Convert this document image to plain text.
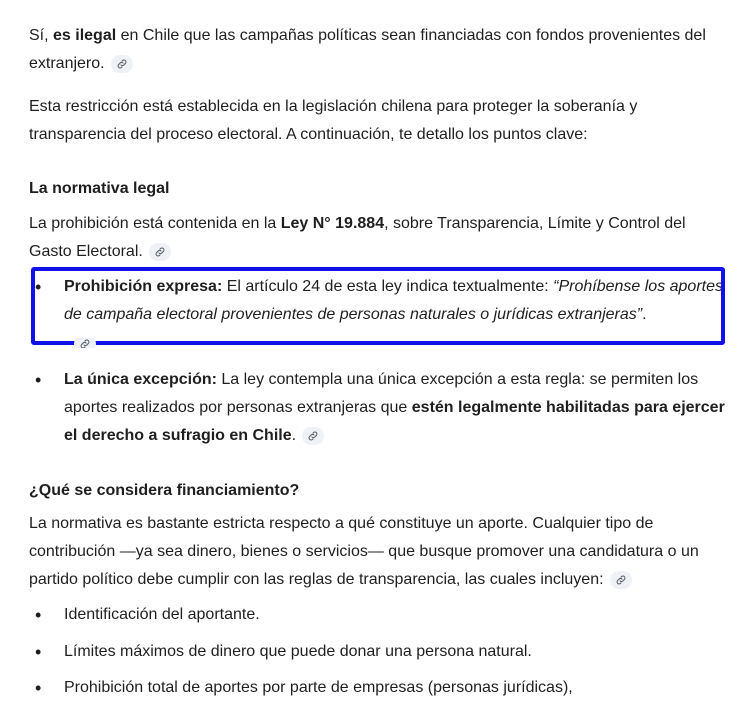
Sí, es ilegal en Chile que las campañas políticas sean financiadas con fondos provenientes del extranjero.

Esta restricción está establecida en la legislación chilena para proteger la soberanía y transparencia del proceso electoral. A continuación, te detallo los puntos clave:

La normativa legal

La prohibición está contenida en la Ley N° 19.884, sobre Transparencia, Límite y Control del Gasto Electoral.

• Prohibición expresa: El artículo 24 de esta ley indica textualmente: “Prohíbense los aportes de campaña electoral provenientes de personas naturales o jurídicas extranjeras”.
• La única excepción: La ley contempla una única excepción a esta regla: se permiten los aportes realizados por personas extranjeras que estén legalmente habilitadas para ejercer el derecho a sufragio en Chile.
¿Qué se considera financiamiento?

La normativa es bastante estricta respecto a qué constituye un aporte. Cualquier tipo de contribución —ya sea dinero, bienes o servicios— que busque promover una candidatura o un partido político debe cumplir con las reglas de transparencia, las cuales incluyen:

• Identificación del aportante.
• Límites máximos de dinero que puede donar una persona natural.
• Prohibición total de aportes por parte de empresas (personas jurídicas),
